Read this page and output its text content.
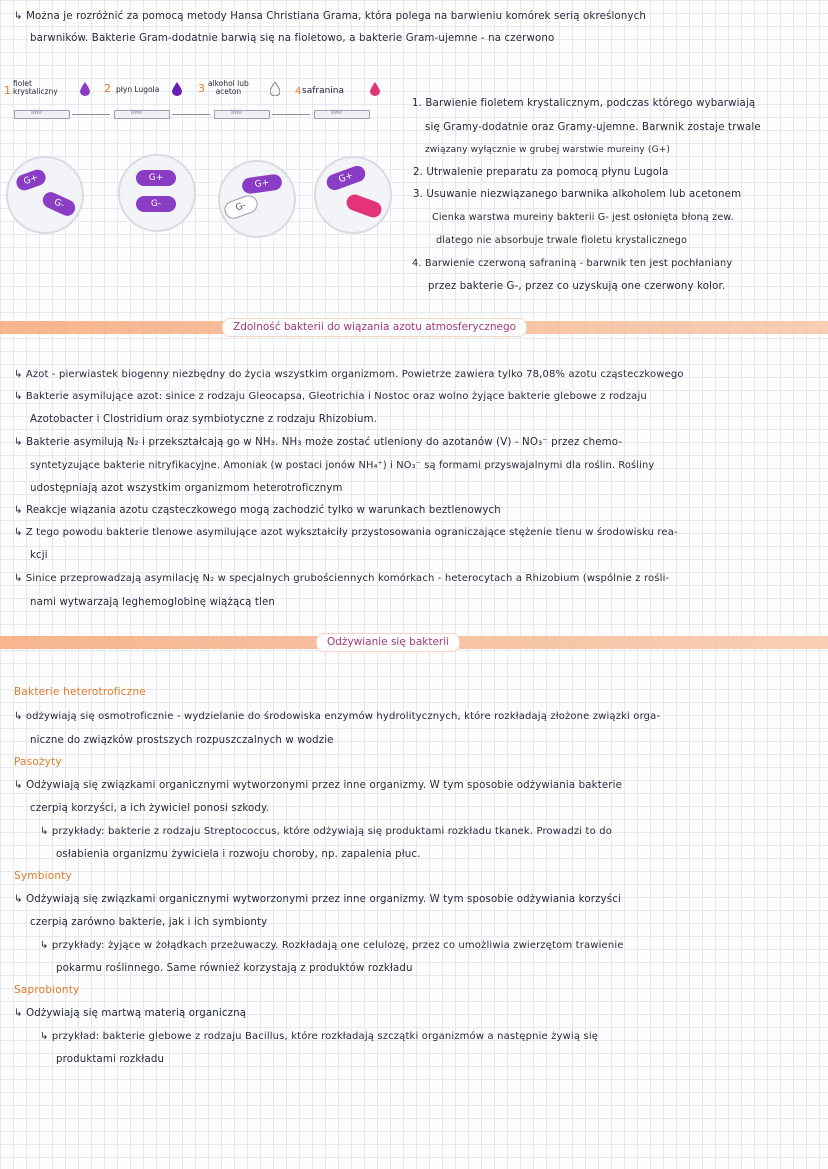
↳ Można je rozróżnić za pomocą metody Hansa Christiana Grama, która polega na barwieniu komórek serią określonych
barwników. Bakterie Gram-dodatnie barwią się na fioletowo, a bakterie Gram-ujemne - na czerwono
1
fiolet
krystaliczny	2 płyn Lugola	3 alkohol lub
aceton	4 safranina
WWW	WWW	WWW	WWW
G+
G-
G+
G-
G+
G-
G+
G-
1. Barwienie fioletem krystalicznym, podczas którego wybarwiają
się Gramy-dodatnie oraz Gramy-ujemne. Barwnik zostaje trwale
związany wyłącznie w grubej warstwie mureiny (G+)
2. Utrwalenie preparatu za pomocą płynu Lugola
3. Usuwanie niezwiązanego barwnika alkoholem lub acetonem
Cienka warstwa mureiny bakterii G- jest osłonięta błoną zew.
dlatego nie absorbuje trwale fioletu krystalicznego
4. Barwienie czerwoną safraniną - barwnik ten jest pochłaniany
przez bakterie G-, przez co uzyskują one czerwony kolor.
Zdolność bakterii do wiązania azotu atmosferycznego
↳ Azot - pierwiastek biogenny niezbędny do życia wszystkim organizmom. Powietrze zawiera tylko 78,08% azotu cząsteczkowego
↳ Bakterie asymilujące azot: sinice z rodzaju Gleocapsa, Gleotrichia i Nostoc oraz wolno żyjące bakterie glebowe z rodzaju
Azotobacter i Clostridium oraz symbiotyczne z rodzaju Rhizobium.
↳ Bakterie asymilują N₂ i przekształcają go w NH₃. NH₃ może zostać utleniony do azotanów (V) - NO₃⁻ przez chemo-
syntetyzujące bakterie nitryfikacyjne. Amoniak (w postaci jonów NH₄⁺) i NO₃⁻ są formami przyswajalnymi dla roślin. Rośliny
udostępniają azot wszystkim organizmom heterotroficznym
↳ Reakcje wiązania azotu cząsteczkowego mogą zachodzić tylko w warunkach beztlenowych
↳ Z tego powodu bakterie tlenowe asymilujące azot wykształciły przystosowania ograniczające stężenie tlenu w środowisku rea-
kcji
↳ Sinice przeprowadzają asymilację N₂ w specjalnych grubościennych komórkach - heterocytach a Rhizobium (wspólnie z rośli-
nami wytwarzają leghemoglobinę wiążącą tlen
Odżywianie się bakterii
Bakterie heterotroficzne
↳ odżywiają się osmotroficznie - wydzielanie do środowiska enzymów hydrolitycznych, które rozkładają złożone związki orga-
niczne do związków prostszych rozpuszczalnych w wodzie
Pasożyty
↳ Odżywiają się związkami organicznymi wytworzonymi przez inne organizmy. W tym sposobie odżywiania bakterie
czerpią korzyści, a ich żywiciel ponosi szkody.
↳ przykłady: bakterie z rodzaju Streptococcus, które odżywiają się produktami rozkładu tkanek. Prowadzi to do
osłabienia organizmu żywiciela i rozwoju choroby, np. zapalenia płuc.
Symbionty
↳ Odżywiają się związkami organicznymi wytworzonymi przez inne organizmy. W tym sposobie odżywiania korzyści
czerpią zarówno bakterie, jak i ich symbionty
↳ przykłady: żyjące w żołądkach przeżuwaczy. Rozkładają one celulozę, przez co umożliwia zwierzętom trawienie
pokarmu roślinnego. Same również korzystają z produktów rozkładu
Saprobionty
↳ Odżywiają się martwą materią organiczną
↳ przykład: bakterie glebowe z rodzaju Bacillus, które rozkładają szczątki organizmów a następnie żywią się
produktami rozkładu
